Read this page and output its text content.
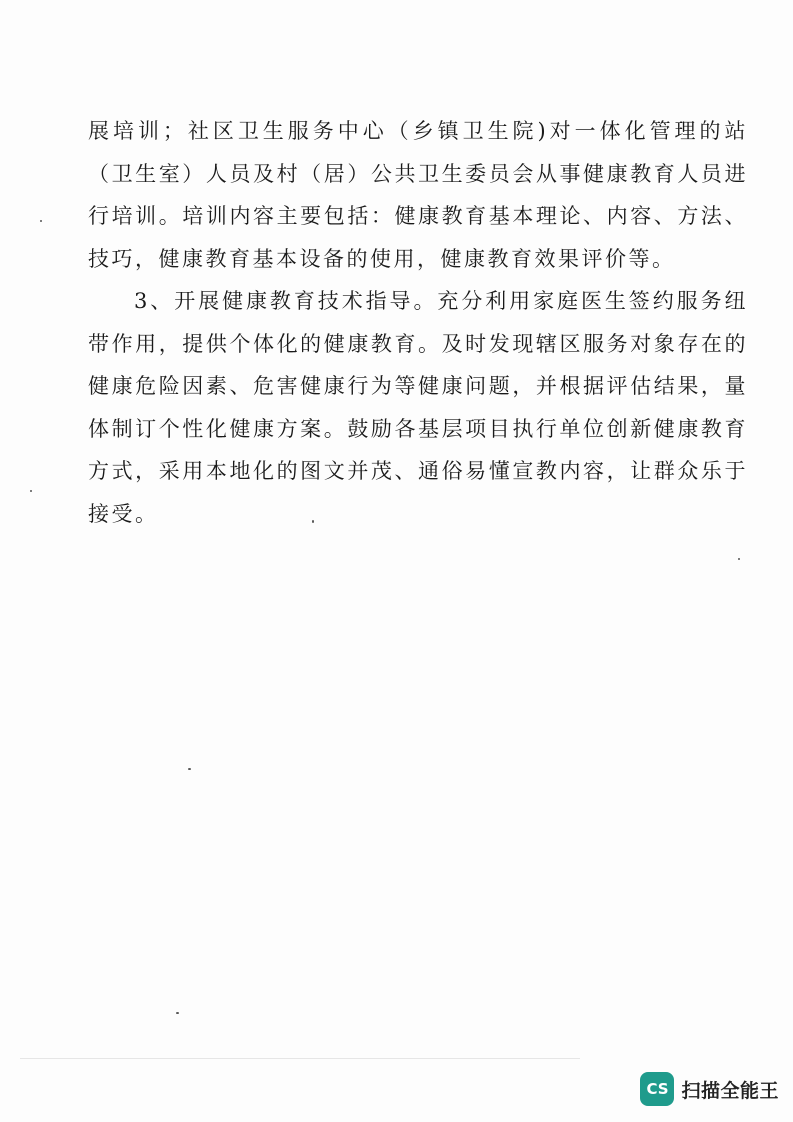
展培训；社区卫生服务中心（乡镇卫生院)对一体化管理的站（卫生室）人员及村（居）公共卫生委员会从事健康教育人员进行培训。培训内容主要包括：健康教育基本理论、内容、方法、技巧，健康教育基本设备的使用，健康教育效果评价等。

3、开展健康教育技术指导。充分利用家庭医生签约服务纽带作用，提供个体化的健康教育。及时发现辖区服务对象存在的健康危险因素、危害健康行为等健康问题，并根据评估结果，量体制订个性化健康方案。鼓励各基层项目执行单位创新健康教育方式，采用本地化的图文并茂、通俗易懂宣教内容，让群众乐于接受。

CS 扫描全能王
